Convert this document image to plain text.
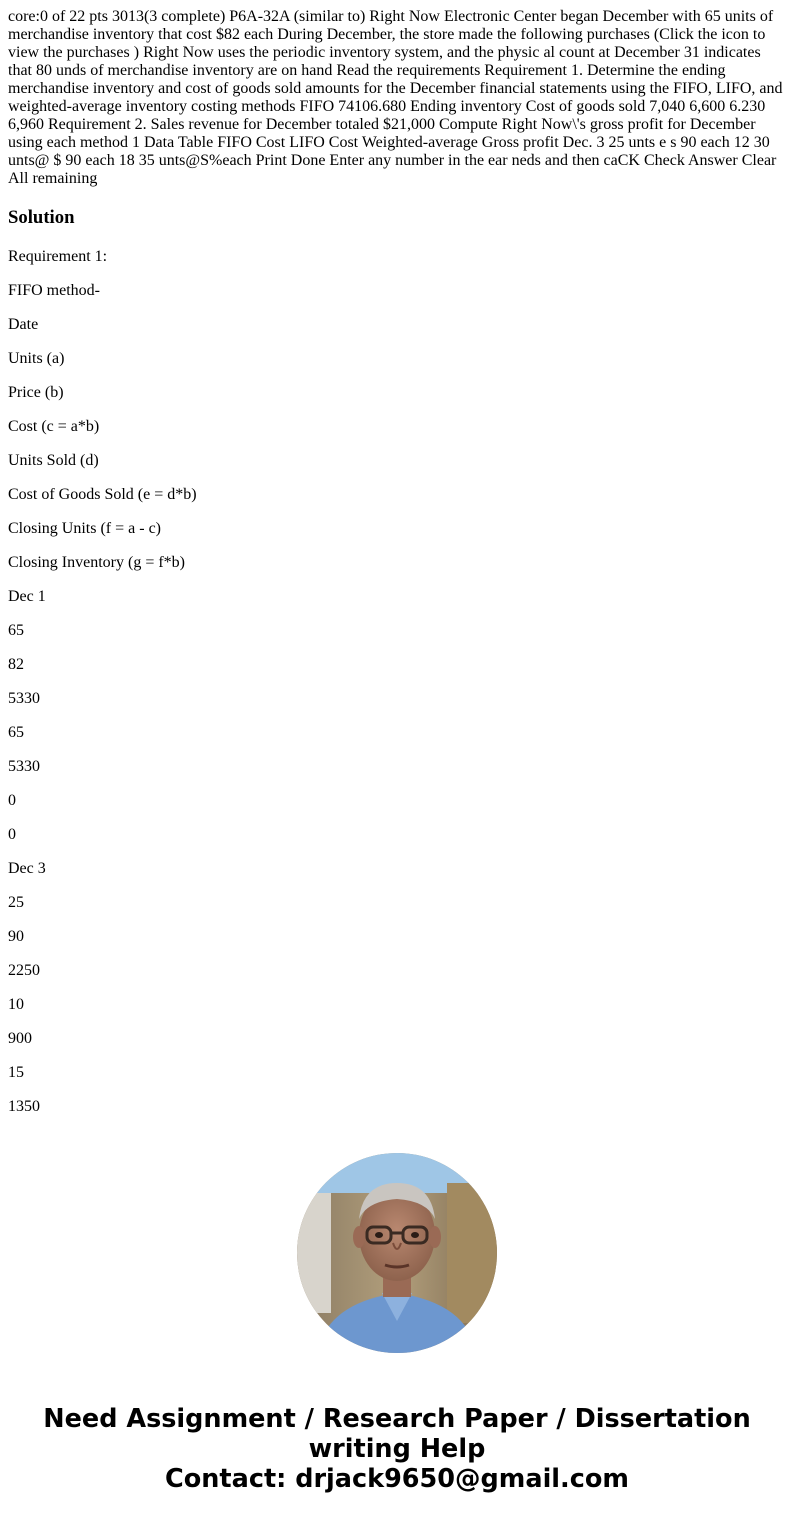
core:0 of 22 pts 3013(3 complete) P6A-32A (similar to) Right Now Electronic Center began December with 65 units of merchandise inventory that cost $82 each During December, the store made the following purchases (Click the icon to view the purchases ) Right Now uses the periodic inventory system, and the physic al count at December 31 indicates that 80 unds of merchandise inventory are on hand Read the requirements Requirement 1. Determine the ending merchandise inventory and cost of goods sold amounts for the December financial statements using the FIFO, LIFO, and weighted-average inventory costing methods FIFO 74106.680 Ending inventory Cost of goods sold 7,040 6,600 6.230 6,960 Requirement 2. Sales revenue for December totaled $21,000 Compute Right Now\'s gross profit for December using each method 1 Data Table FIFO Cost LIFO Cost Weighted-average Gross profit Dec. 3 25 unts e s 90 each 12 30 unts@ $ 90 each 18 35 unts@S%each Print Done Enter any number in the ear neds and then caCK Check Answer Clear All remaining
Solution
Requirement 1:
FIFO method-
Date
Units (a)
Price (b)
Cost (c = a*b)
Units Sold (d)
Cost of Goods Sold (e = d*b)
Closing Units (f = a - c)
Closing Inventory (g = f*b)
Dec 1
65
82
5330
65
5330
0
0
Dec 3
25
90
2250
10
900
15
1350
Need Assignment / Research Paper / Dissertation
writing Help
Contact: drjack9650@gmail.com
